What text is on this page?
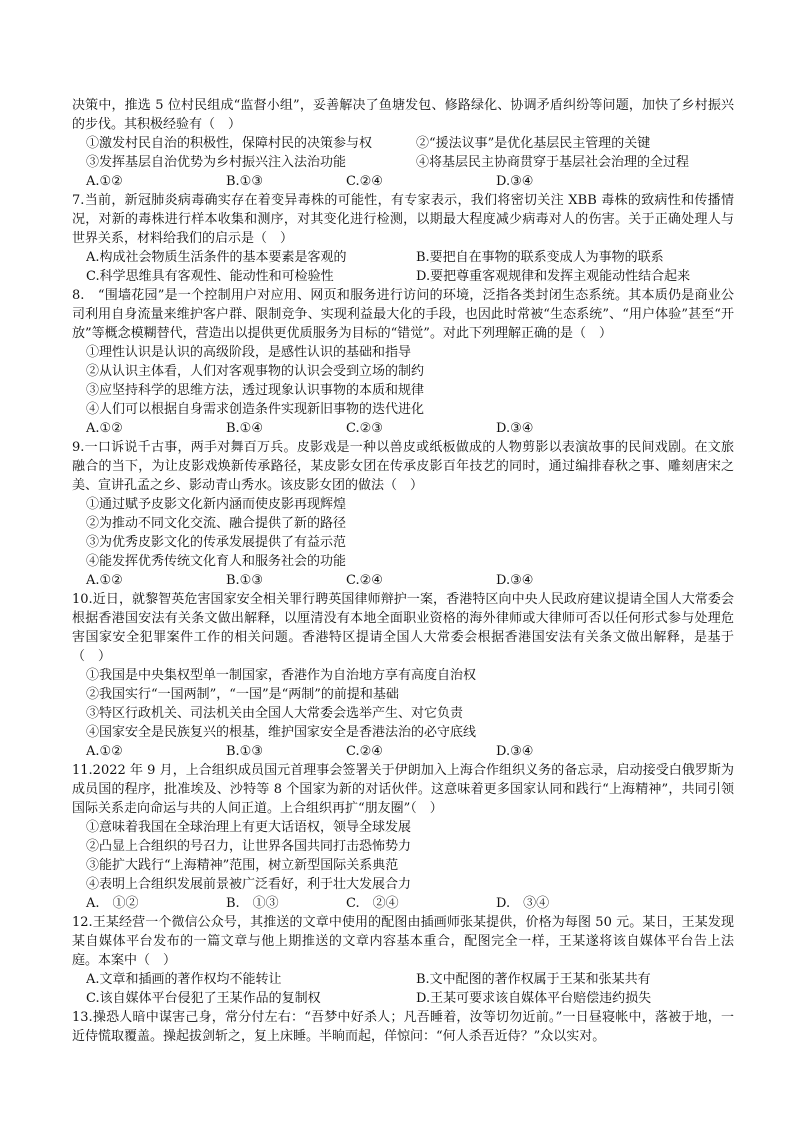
决策中，推选 5 位村民组成“监督小组”，妥善解决了鱼塘发包、修路绿化、协调矛盾纠纷等问题，加快了乡村振兴的步伐。其积极经验有（　）

①激发村民自治的积极性，保障村民的决策参与权	②“援法议事”是优化基层民主管理的关键
③发挥基层自治优势为乡村振兴注入法治功能	④将基层民主协商贯穿于基层社会治理的全过程
A.①②	B.①③	C.②④	D.③④

7.当前，新冠肺炎病毒确实存在着变异毒株的可能性，有专家表示，我们将密切关注 XBB 毒株的致病性和传播情况，对新的毒株进行样本收集和测序，对其变化进行检测，以期最大程度减少病毒对人的伤害。关于正确处理人与世界关系，材料给我们的启示是（　）

A.构成社会物质生活条件的基本要素是客观的	B.要把自在事物的联系变成人为事物的联系
C.科学思维具有客观性、能动性和可检验性	D.要把尊重客观规律和发挥主观能动性结合起来

8.　“围墙花园”是一个控制用户对应用、网页和服务进行访问的环境，泛指各类封闭生态系统。其本质仍是商业公司利用自身流量来维护客户群、限制竞争、实现利益最大化的手段，也因此时常被“生态系统”、“用户体验”甚至“开放”等概念模糊替代，营造出以提供更优质服务为目标的“错觉”。对此下列理解正确的是（　）

①理性认识是认识的高级阶段，是感性认识的基础和指导
②从认识主体看，人们对客观事物的认识会受到立场的制约
③应坚持科学的思维方法，透过现象认识事物的本质和规律
④人们可以根据自身需求创造条件实现新旧事物的迭代进化
A.①②	B.①④	C.②③	D.③④

9.一口诉说千古事，两手对舞百万兵。皮影戏是一种以兽皮或纸板做成的人物剪影以表演故事的民间戏剧。在文旅融合的当下，为让皮影戏焕新传承路径，某皮影女团在传承皮影百年技艺的同时，通过编排春秋之事、雕刻唐宋之美、宣讲孔孟之乡、影动青山秀水。该皮影女团的做法（　）

①通过赋予皮影文化新内涵而使皮影再现辉煌
②为推动不同文化交流、融合提供了新的路径
③为优秀皮影文化的传承发展提供了有益示范
④能发挥优秀传统文化育人和服务社会的功能
A.①②	B.①③	C.②④	D.③④

10.近日，就黎智英危害国家安全相关罪行聘英国律师辩护一案，香港特区向中央人民政府建议提请全国人大常委会根据香港国安法有关条文做出解释，以厘清没有本地全面职业资格的海外律师或大律师可否以任何形式参与处理危害国家安全犯罪案件工作的相关问题。香港特区提请全国人大常委会根据香港国安法有关条文做出解释，是基于（　）

①我国是中央集权型单一制国家，香港作为自治地方享有高度自治权
②我国实行“一国两制”，“一国”是“两制”的前提和基础
③特区行政机关、司法机关由全国人大常委会选举产生、对它负责
④国家安全是民族复兴的根基，维护国家安全是香港法治的必守底线
A.①②	B.①③	C.②④	D.③④

11.2022 年 9 月，上合组织成员国元首理事会签署关于伊朗加入上海合作组织义务的备忘录，启动接受白俄罗斯为成员国的程序，批准埃及、沙特等 8 个国家为新的对话伙伴。这意味着更多国家认同和践行“上海精神”，共同引领国际关系走向命运与共的人间正道。上合组织再扩“朋友圈”（　）

①意味着我国在全球治理上有更大话语权，领导全球发展
②凸显上合组织的号召力，让世界各国共同打击恐怖势力
③能扩大践行“上海精神”范围，树立新型国际关系典范
④表明上合组织发展前景被广泛看好，利于壮大发展合力
A.　①②	B.　①③	C.　②④	D.　③④

12.王某经营一个微信公众号，其推送的文章中使用的配图由插画师张某提供，价格为每图 50 元。某日，王某发现某自媒体平台发布的一篇文章与他上期推送的文章内容基本重合，配图完全一样，王某遂将该自媒体平台告上法庭。本案中（　）

A.文章和插画的著作权均不能转让	B.文中配图的著作权属于王某和张某共有
C.该自媒体平台侵犯了王某作品的复制权	D.王某可要求该自媒体平台赔偿违约损失

13.操恐人暗中谋害己身，常分付左右：“吾梦中好杀人；凡吾睡着，汝等切勿近前。”一日昼寝帐中，落被于地，一近侍慌取覆盖。操起拔剑斩之，复上床睡。半晌而起，佯惊问：“何人杀吾近侍？”众以实对。
